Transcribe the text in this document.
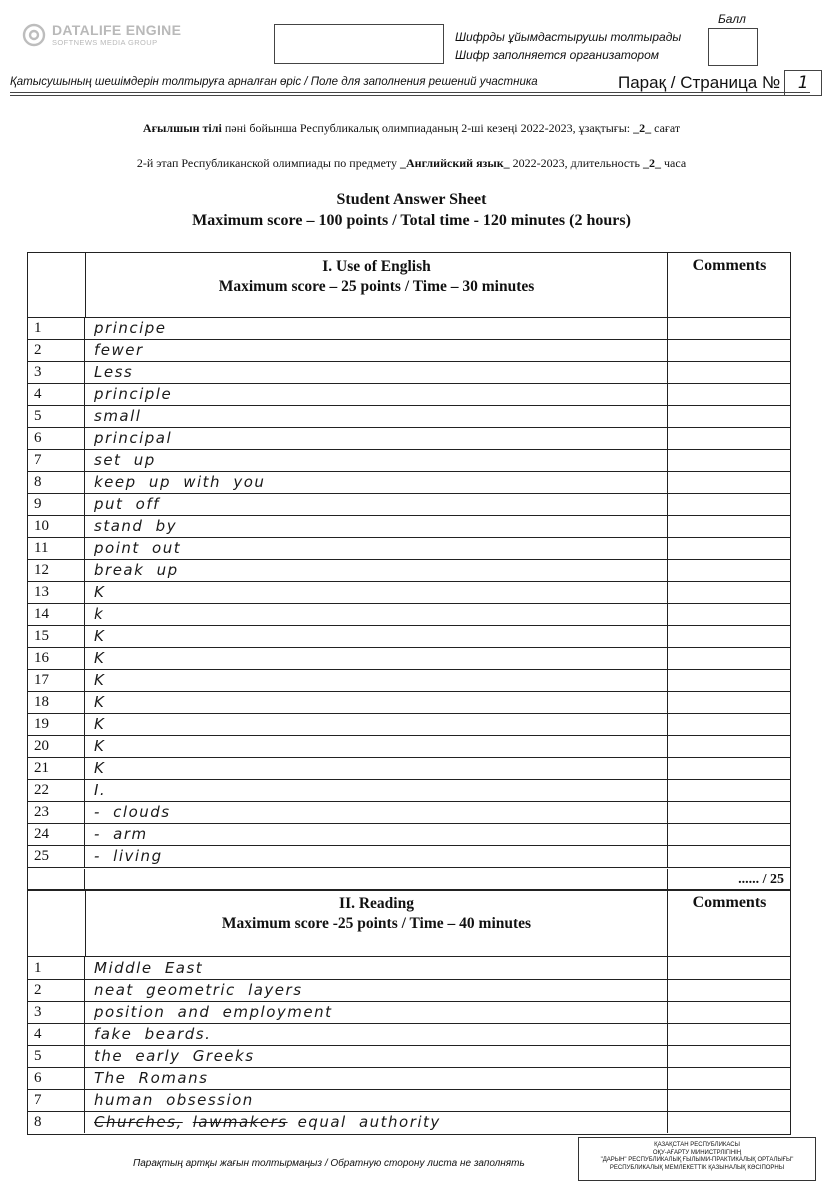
DATALIFE ENGINE
SOFTNEWS MEDIA GROUP	Шифрды ұйымдастырушы толтырады
Шифр заполняется организатором
Балл
Қатысушының шешімдерін толтыруға арналған өріс / Поле для заполнения решений участника	Парақ / Страница №	1
Ағылшын тілі пәні бойынша Республикалық олимпиаданың 2-ші кезеңі 2022-2023, ұзақтығы: _2_ сағат
2-й этап Республиканской олимпиады по предмету _Английский язык_ 2022-2023, длительность _2_ часа
Student Answer Sheet
Maximum score – 100 points / Total time - 120 minutes (2 hours)
I. Use of English
Maximum score – 25 points / Time – 30 minutes
Comments
1	principe
2	fewer
3	Less
4	principle
5	small
6	principal
7	set up
8	keep up with you
9	put off
10	stand by
11	point out
12	break up
13	K
14	k
15	K
16	K
17	K
18	K
19	K
20	K
21	K
22	I.
23	- clouds
24	- arm
25	- living
...... / 25
II. Reading
Maximum score -25 points / Time – 40 minutes
Comments
1	Middle East
2	neat geometric layers
3	position and employment
4	fake beards.
5	the early Greeks
6	The Romans
7	human obsession
8	Churches, lawmakers equal authority
Парақтың артқы жағын толтырмаңыз / Обратную сторону листа не заполнять
ҚАЗАҚСТАН РЕСПУБЛИКАСЫ
ОҚУ-АҒАРТУ МИНИСТРЛІГІНІҢ
"ДАРЫН" РЕСПУБЛИКАЛЫҚ ҒЫЛЫМИ-ПРАКТИКАЛЫҚ ОРТАЛЫҒЫ"
РЕСПУБЛИКАЛЫҚ МЕМЛЕКЕТТІК ҚАЗЫНАЛЫҚ КӘСІПОРНЫ
